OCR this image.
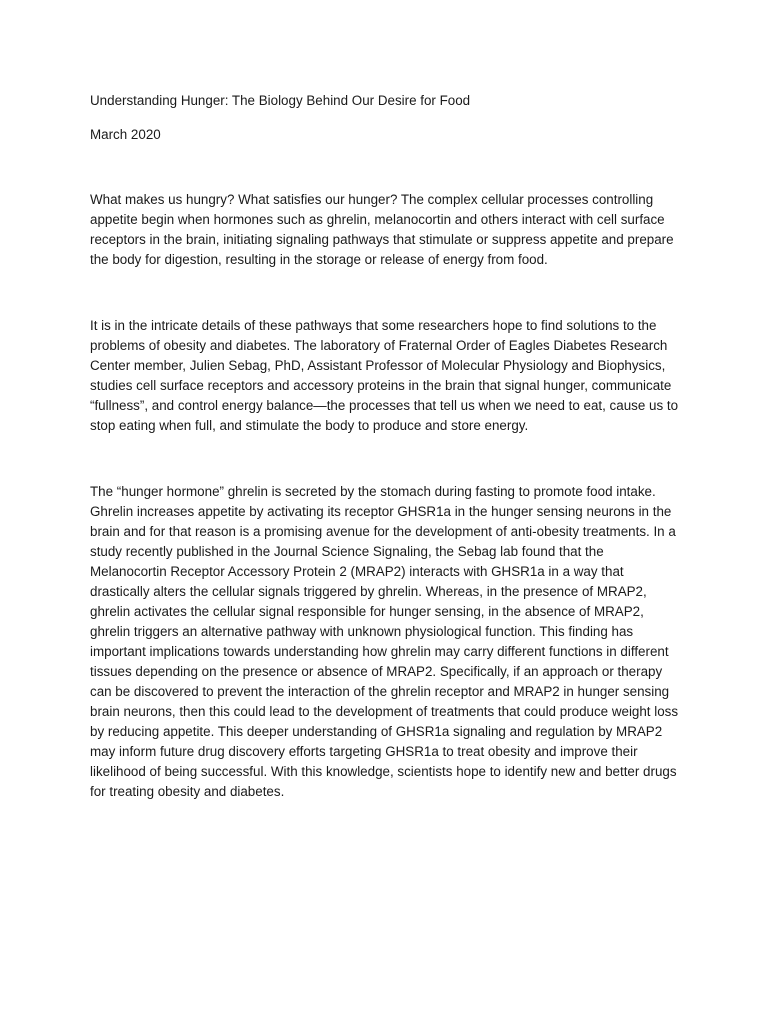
Understanding Hunger: The Biology Behind Our Desire for Food

March 2020

What makes us hungry? What satisfies our hunger? The complex cellular processes controlling appetite begin when hormones such as ghrelin, melanocortin and others interact with cell surface receptors in the brain, initiating signaling pathways that stimulate or suppress appetite and prepare the body for digestion, resulting in the storage or release of energy from food.

It is in the intricate details of these pathways that some researchers hope to find solutions to the problems of obesity and diabetes. The laboratory of Fraternal Order of Eagles Diabetes Research Center member, Julien Sebag, PhD, Assistant Professor of Molecular Physiology and Biophysics, studies cell surface receptors and accessory proteins in the brain that signal hunger, communicate “fullness”, and control energy balance—the processes that tell us when we need to eat, cause us to stop eating when full, and stimulate the body to produce and store energy.

The “hunger hormone” ghrelin is secreted by the stomach during fasting to promote food intake. Ghrelin increases appetite by activating its receptor GHSR1a in the hunger sensing neurons in the brain and for that reason is a promising avenue for the development of anti-obesity treatments. In a study recently published in the Journal Science Signaling, the Sebag lab found that the Melanocortin Receptor Accessory Protein 2 (MRAP2) interacts with GHSR1a in a way that drastically alters the cellular signals triggered by ghrelin. Whereas, in the presence of MRAP2, ghrelin activates the cellular signal responsible for hunger sensing, in the absence of MRAP2, ghrelin triggers an alternative pathway with unknown physiological function. This finding has important implications towards understanding how ghrelin may carry different functions in different tissues depending on the presence or absence of MRAP2. Specifically, if an approach or therapy can be discovered to prevent the interaction of the ghrelin receptor and MRAP2 in hunger sensing brain neurons, then this could lead to the development of treatments that could produce weight loss by reducing appetite. This deeper understanding of GHSR1a signaling and regulation by MRAP2 may inform future drug discovery efforts targeting GHSR1a to treat obesity and improve their likelihood of being successful. With this knowledge, scientists hope to identify new and better drugs for treating obesity and diabetes.
